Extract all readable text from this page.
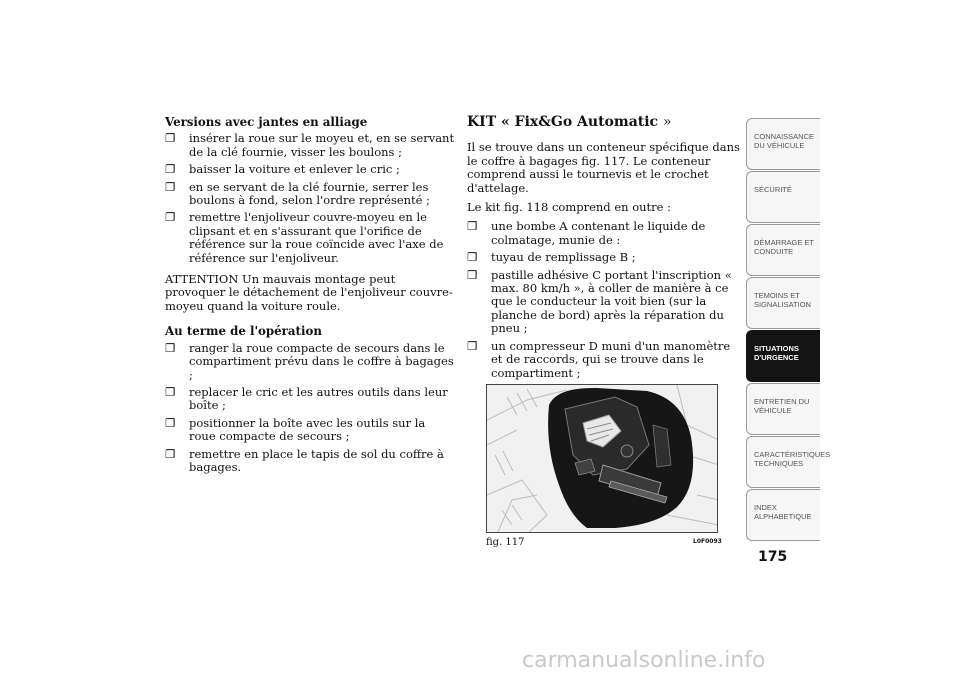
Versions avec jantes en alliage
❐ insérer la roue sur le moyeu et, en se servant de la clé fournie, visser les boulons ;
❐ baisser la voiture et enlever le cric ;
❐ en se servant de la clé fournie, serrer les boulons à fond, selon l'ordre représenté ;
❐ remettre l'enjoliveur couvre-moyeu en le clipsant et en s'assurant que l'orifice de référence sur la roue coïncide avec l'axe de référence sur l'enjoliveur.

ATTENTION Un mauvais montage peut provoquer le détachement de l'enjoliveur couvre-moyeu quand la voiture roule.

Au terme de l'opération
❐ ranger la roue compacte de secours dans le compartiment prévu dans le coffre à bagages ;
❐ replacer le cric et les autres outils dans leur boîte ;
❐ positionner la boîte avec les outils sur la roue compacte de secours ;
❐ remettre en place le tapis de sol du coffre à bagages.
KIT « Fix&Go Automatic »

Il se trouve dans un conteneur spécifique dans le coffre à bagages fig. 117. Le conteneur comprend aussi le tournevis et le crochet d'attelage.

Le kit fig. 118 comprend en outre :

❐ une bombe A contenant le liquide de colmatage, munie de :
❐ tuyau de remplissage B ;
❐ pastille adhésive C portant l'inscription « max. 80 km/h », à coller de manière à ce que le conducteur la voit bien (sur la planche de bord) après la réparation du pneu ;
❐ un compresseur D muni d'un manomètre et de raccords, qui se trouve dans le compartiment ;
fig. 117	L0F0093
CONNAISSANCE DU VÉHICULE
SÉCURITÉ
DÉMARRAGE ET CONDUITE
TEMOINS ET SIGNALISATION
SITUATIONS D'URGENCE
ENTRETIEN DU VÉHICULE
CARACTÉRISTIQUES TECHNIQUES
INDEX ALPHABETIQUE
175
carmanualsonline.info
